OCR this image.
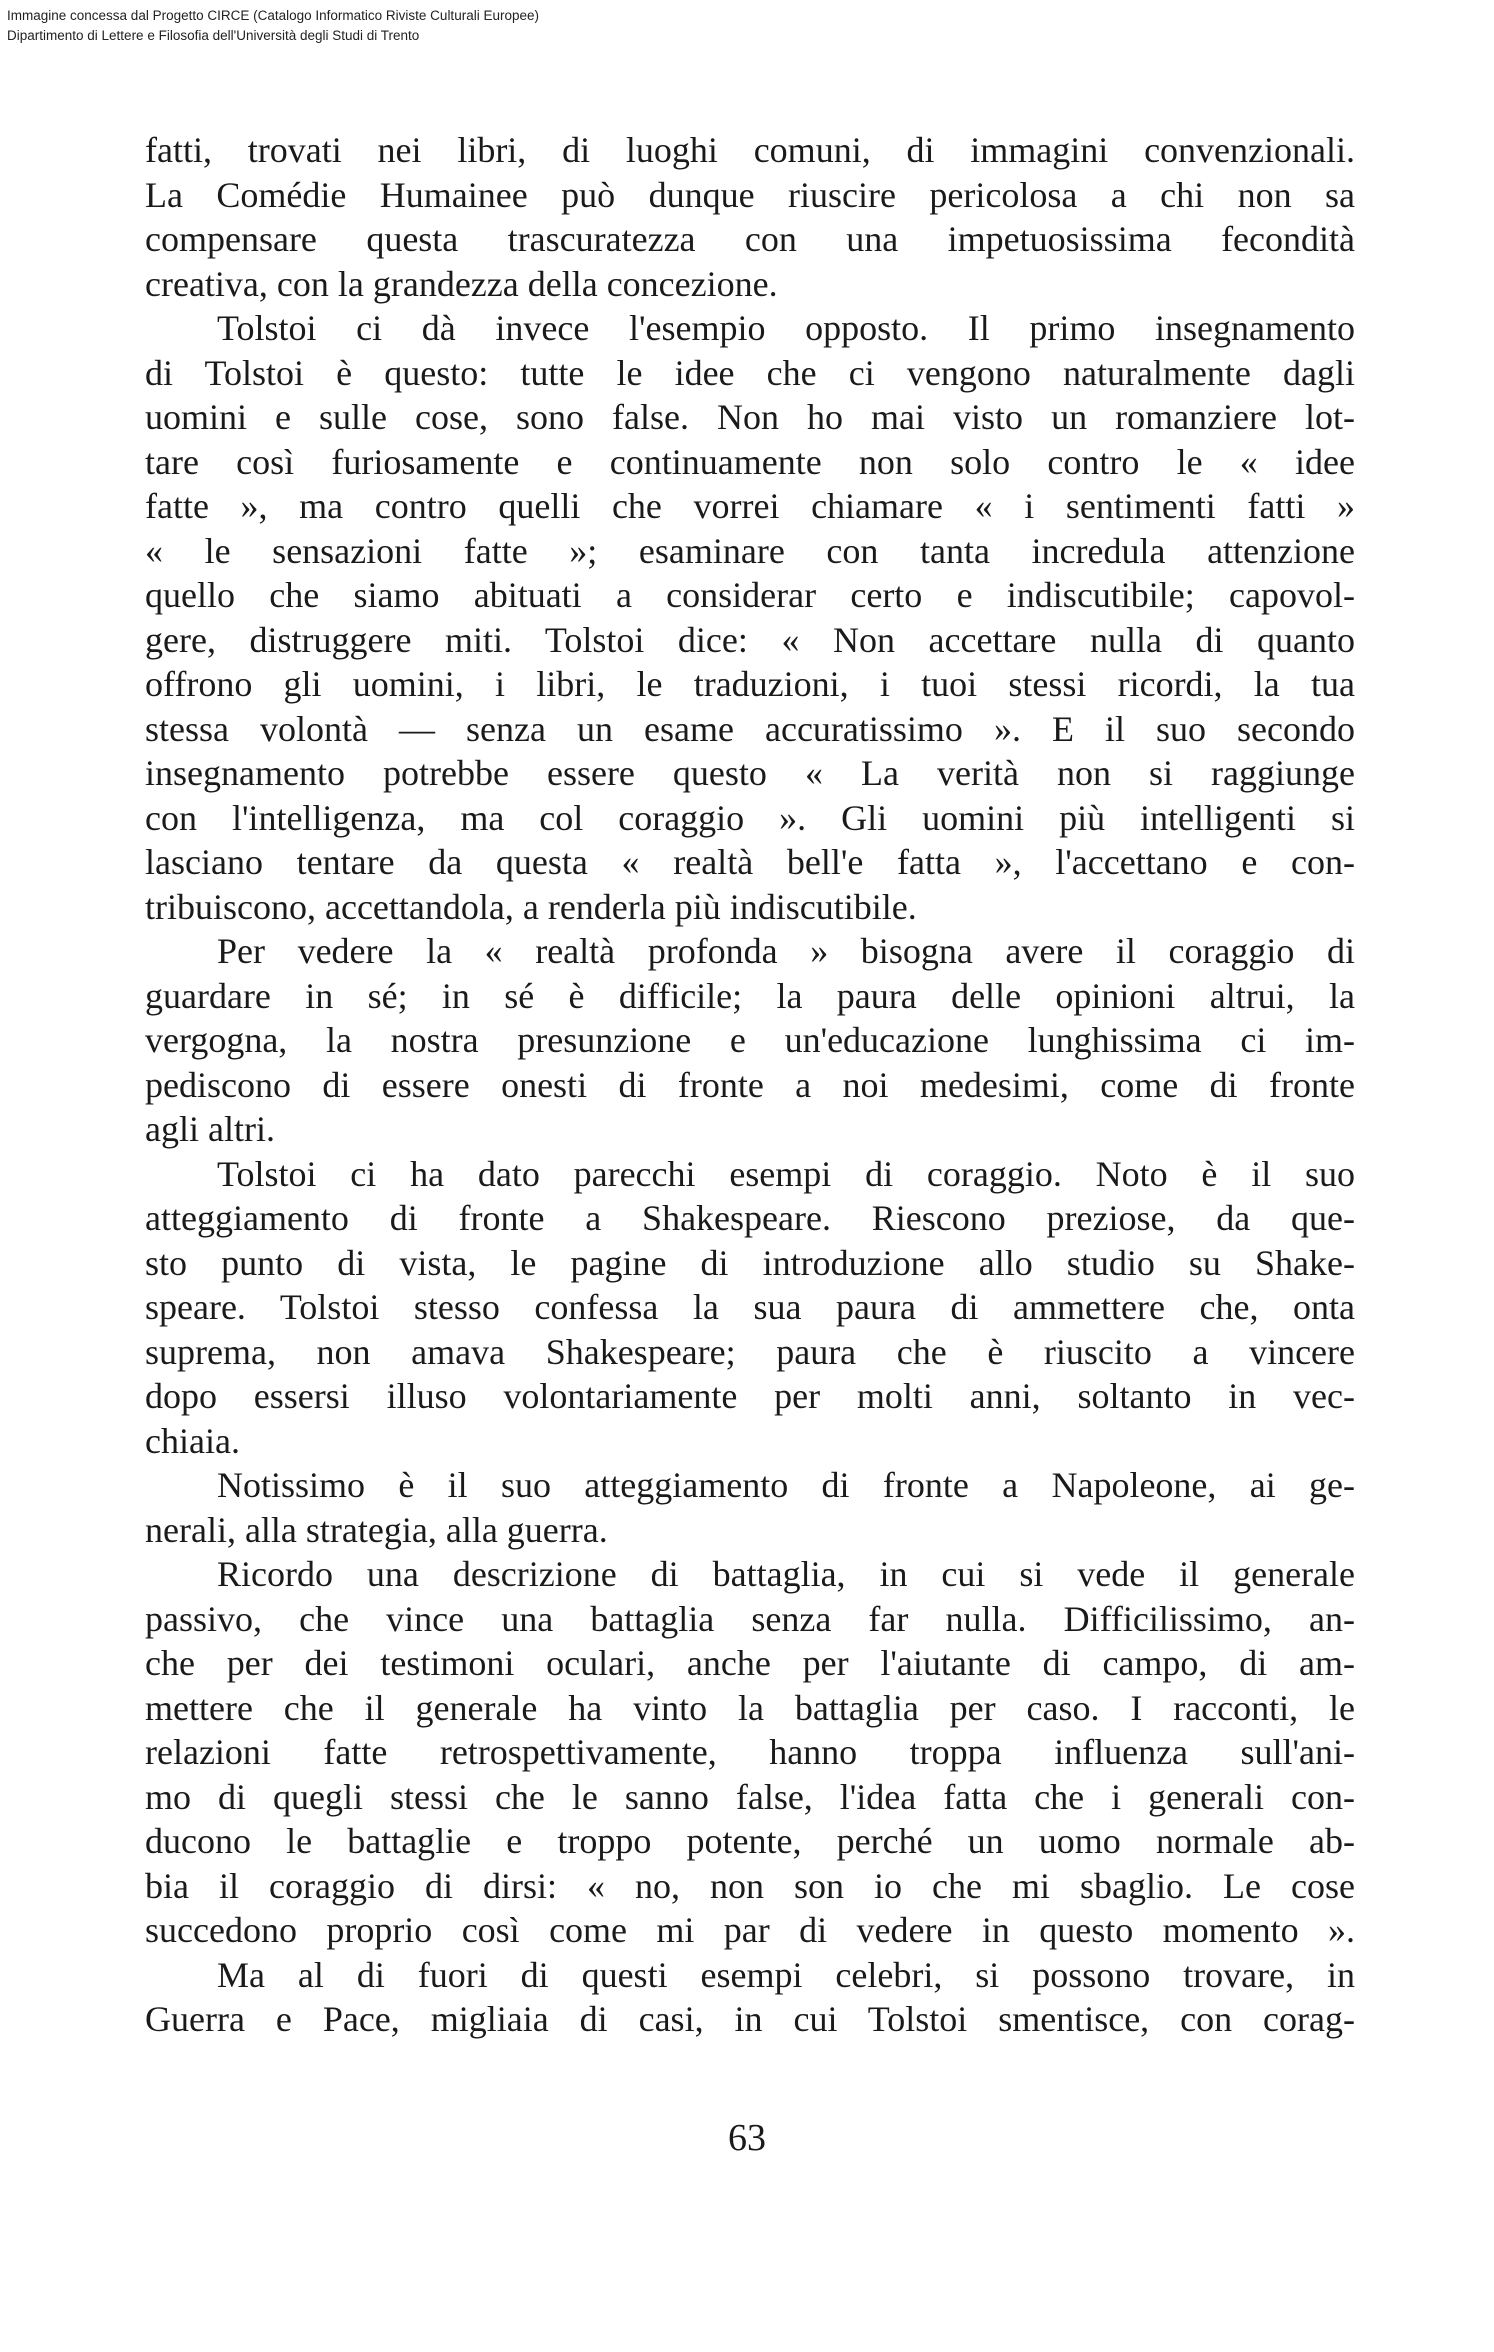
Immagine concessa dal Progetto CIRCE (Catalogo Informatico Riviste Culturali Europee)
Dipartimento di Lettere e Filosofia dell'Università degli Studi di Trento
fatti, trovati nei libri, di luoghi comuni, di immagini convenzionali.
La Comédie Humainee può dunque riuscire pericolosa a chi non sa
compensare questa trascuratezza con una impetuosissima fecondità
creativa, con la grandezza della concezione.
Tolstoi ci dà invece l'esempio opposto. Il primo insegnamento
di Tolstoi è questo: tutte le idee che ci vengono naturalmente dagli
uomini e sulle cose, sono false. Non ho mai visto un romanziere lot-
tare così furiosamente e continuamente non solo contro le « idee
fatte », ma contro quelli che vorrei chiamare « i sentimenti fatti »
« le sensazioni fatte »; esaminare con tanta incredula attenzione
quello che siamo abituati a considerar certo e indiscutibile; capovol-
gere, distruggere miti. Tolstoi dice: « Non accettare nulla di quanto
offrono gli uomini, i libri, le traduzioni, i tuoi stessi ricordi, la tua
stessa volontà — senza un esame accuratissimo ». E il suo secondo
insegnamento potrebbe essere questo « La verità non si raggiunge
con l'intelligenza, ma col coraggio ». Gli uomini più intelligenti si
lasciano tentare da questa « realtà bell'e fatta », l'accettano e con-
tribuiscono, accettandola, a renderla più indiscutibile.
Per vedere la « realtà profonda » bisogna avere il coraggio di
guardare in sé; in sé è difficile; la paura delle opinioni altrui, la
vergogna, la nostra presunzione e un'educazione lunghissima ci im-
pediscono di essere onesti di fronte a noi medesimi, come di fronte
agli altri.
Tolstoi ci ha dato parecchi esempi di coraggio. Noto è il suo
atteggiamento di fronte a Shakespeare. Riescono preziose, da que-
sto punto di vista, le pagine di introduzione allo studio su Shake-
speare. Tolstoi stesso confessa la sua paura di ammettere che, onta
suprema, non amava Shakespeare; paura che è riuscito a vincere
dopo essersi illuso volontariamente per molti anni, soltanto in vec-
chiaia.
Notissimo è il suo atteggiamento di fronte a Napoleone, ai ge-
nerali, alla strategia, alla guerra.
Ricordo una descrizione di battaglia, in cui si vede il generale
passivo, che vince una battaglia senza far nulla. Difficilissimo, an-
che per dei testimoni oculari, anche per l'aiutante di campo, di am-
mettere che il generale ha vinto la battaglia per caso. I racconti, le
relazioni fatte retrospettivamente, hanno troppa influenza sull'ani-
mo di quegli stessi che le sanno false, l'idea fatta che i generali con-
ducono le battaglie e troppo potente, perché un uomo normale ab-
bia il coraggio di dirsi: « no, non son io che mi sbaglio. Le cose
succedono proprio così come mi par di vedere in questo momento ».
Ma al di fuori di questi esempi celebri, si possono trovare, in
Guerra e Pace, migliaia di casi, in cui Tolstoi smentisce, con corag-
63
